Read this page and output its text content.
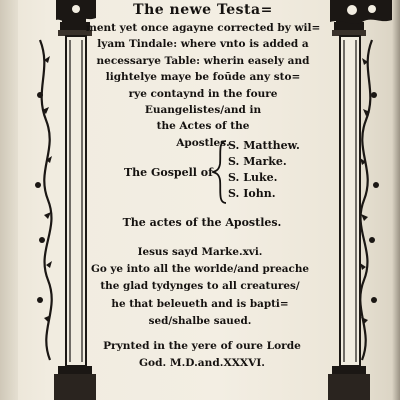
The newe Testa=
ment yet once agayne corrected by wil=
lyam Tindale: where vnto is added a
necessarye Table: wherin easely and
lightelye maye be foūde any sto=
rye contaynd in the foure
Euangelistes/and in
the Actes of the
Apostles.
The Gospell of
S. Matthew.
S. Marke.
S. Luke.
S. Iohn.
The actes of the Apostles.
Iesus sayd Marke.xvi.
Go ye into all the worlde/and preache
the glad tydynges to all creatures/
he that beleueth and is bapti=
sed/shalbe saued.
Prynted in the yere of oure Lorde
God. M.D.and.XXXVI.
